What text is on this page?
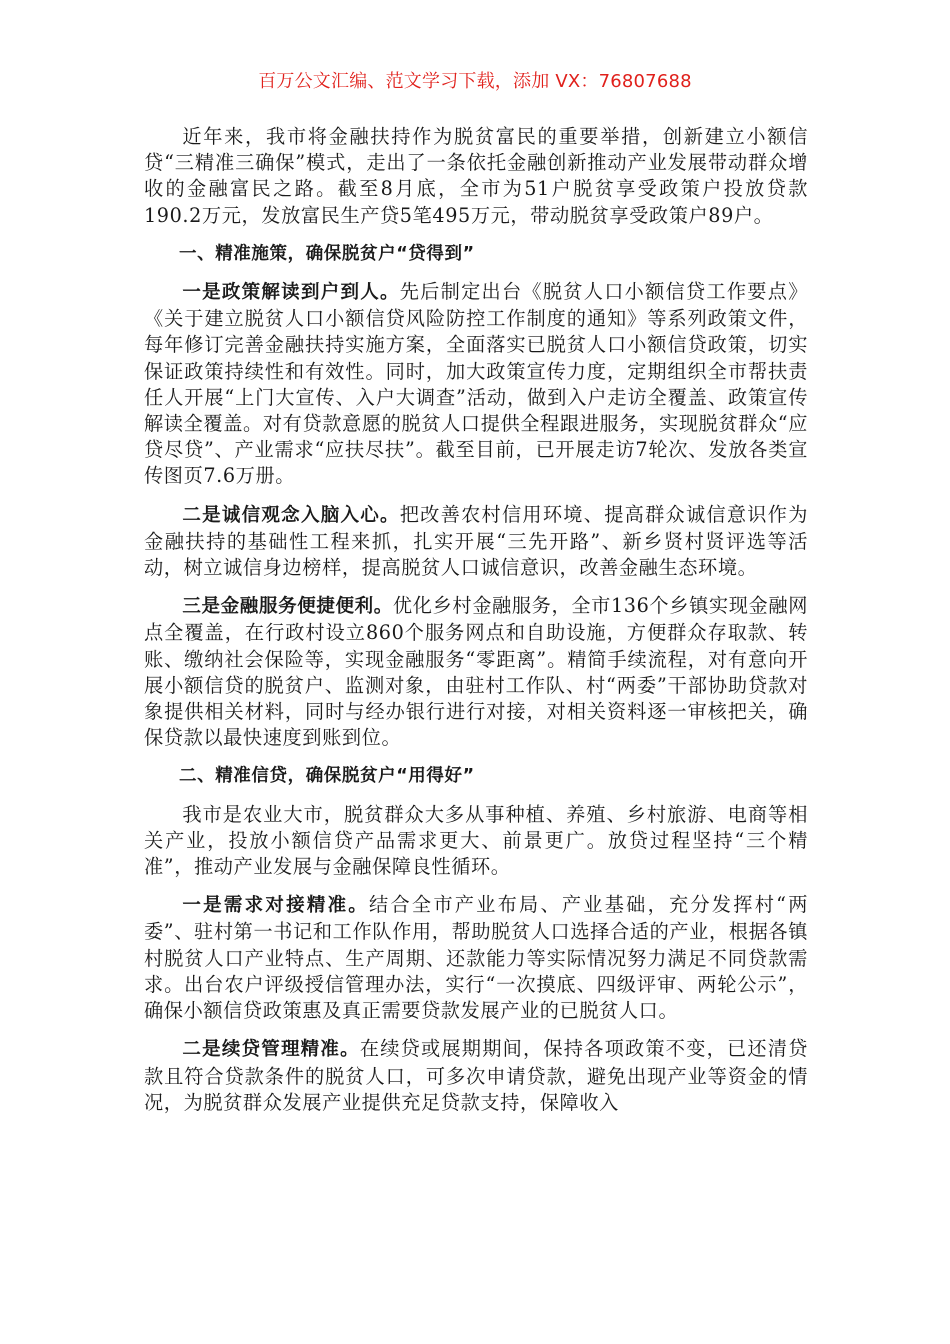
百万公文汇编、范文学习下载，添加 VX：76807688

近年来，我市将金融扶持作为脱贫富民的重要举措，创新建立小额信贷“三精准三确保”模式，走出了一条依托金融创新推动产业发展带动群众增收的金融富民之路。截至8月底，全市为51户脱贫享受政策户投放贷款190.2万元，发放富民生产贷5笔495万元，带动脱贫享受政策户89户。

一、精准施策，确保脱贫户“贷得到”

一是政策解读到户到人。先后制定出台《脱贫人口小额信贷工作要点》《关于建立脱贫人口小额信贷风险防控工作制度的通知》等系列政策文件，每年修订完善金融扶持实施方案，全面落实已脱贫人口小额信贷政策，切实保证政策持续性和有效性。同时，加大政策宣传力度，定期组织全市帮扶责任人开展“上门大宣传、入户大调查”活动，做到入户走访全覆盖、政策宣传解读全覆盖。对有贷款意愿的脱贫人口提供全程跟进服务，实现脱贫群众“应贷尽贷”、产业需求“应扶尽扶”。截至目前，已开展走访7轮次、发放各类宣传图页7.6万册。

二是诚信观念入脑入心。把改善农村信用环境、提高群众诚信意识作为金融扶持的基础性工程来抓，扎实开展“三先开路”、新乡贤村贤评选等活动，树立诚信身边榜样，提高脱贫人口诚信意识，改善金融生态环境。

三是金融服务便捷便利。优化乡村金融服务，全市136个乡镇实现金融网点全覆盖，在行政村设立860个服务网点和自助设施，方便群众存取款、转账、缴纳社会保险等，实现金融服务“零距离”。精简手续流程，对有意向开展小额信贷的脱贫户、监测对象，由驻村工作队、村“两委”干部协助贷款对象提供相关材料，同时与经办银行进行对接，对相关资料逐一审核把关，确保贷款以最快速度到账到位。

二、精准信贷，确保脱贫户“用得好”

我市是农业大市，脱贫群众大多从事种植、养殖、乡村旅游、电商等相关产业，投放小额信贷产品需求更大、前景更广。放贷过程坚持“三个精准”，推动产业发展与金融保障良性循环。

一是需求对接精准。结合全市产业布局、产业基础，充分发挥村“两委”、驻村第一书记和工作队作用，帮助脱贫人口选择合适的产业，根据各镇村脱贫人口产业特点、生产周期、还款能力等实际情况努力满足不同贷款需求。出台农户评级授信管理办法，实行“一次摸底、四级评审、两轮公示”，确保小额信贷政策惠及真正需要贷款发展产业的已脱贫人口。

二是续贷管理精准。在续贷或展期期间，保持各项政策不变，已还清贷款且符合贷款条件的脱贫人口，可多次申请贷款，避免出现产业等资金的情况，为脱贫群众发展产业提供充足贷款支持，保障收入
